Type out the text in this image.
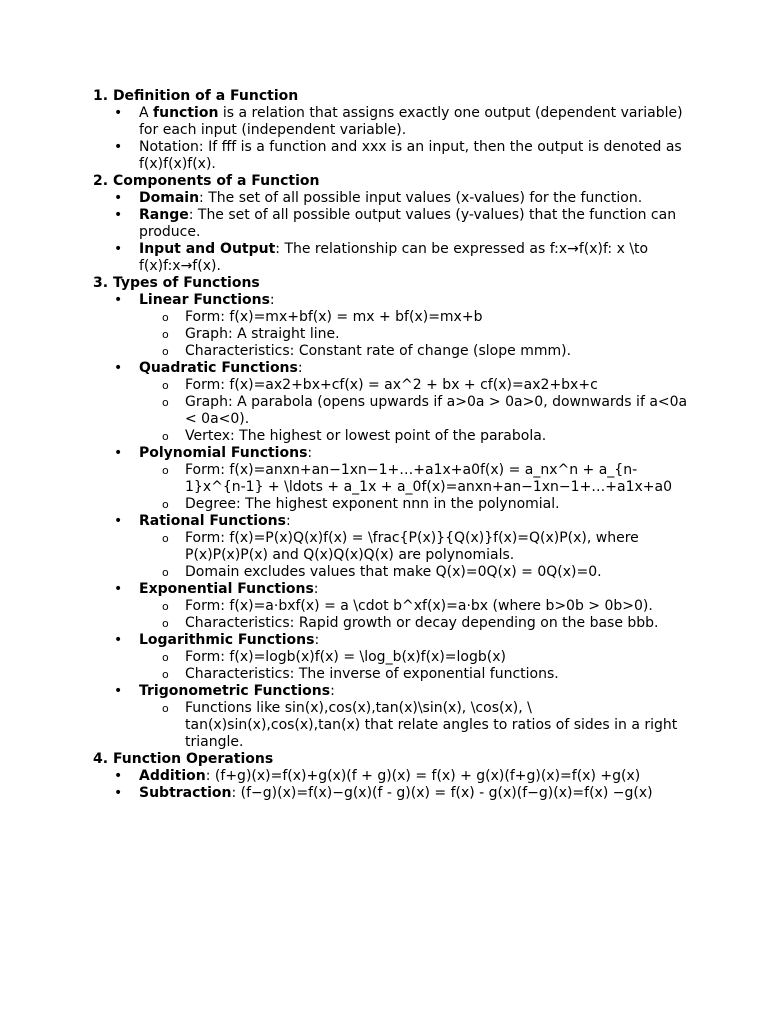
1. Definition of a Function
• A function is a relation that assigns exactly one output (dependent variable) for each input (independent variable).
• Notation: If fff is a function and xxx is an input, then the output is denoted as f(x)f(x)f(x).
2. Components of a Function
• Domain: The set of all possible input values (x-values) for the function.
• Range: The set of all possible output values (y-values) that the function can produce.
• Input and Output: The relationship can be expressed as f:x→f(x)f: x \to f(x)f:x→f(x).
3. Types of Functions
• Linear Functions:
o Form: f(x)=mx+bf(x) = mx + bf(x)=mx+b
o Graph: A straight line.
o Characteristics: Constant rate of change (slope mmm).
• Quadratic Functions:
o Form: f(x)=ax2+bx+cf(x) = ax^2 + bx + cf(x)=ax2+bx+c
o Graph: A parabola (opens upwards if a>0a > 0a>0, downwards if a<0a < 0a<0).
o Vertex: The highest or lowest point of the parabola.
• Polynomial Functions:
o Form: f(x)=anxn+an−1xn−1+…+a1x+a0f(x) = a_nx^n + a_{n-1}x^{n-1} + \ldots + a_1x + a_0f(x)=anxn+an−1xn−1+…+a1x+a0
o Degree: The highest exponent nnn in the polynomial.
• Rational Functions:
o Form: f(x)=P(x)Q(x)f(x) = \frac{P(x)}{Q(x)}f(x)=Q(x)P(x), where P(x)P(x)P(x) and Q(x)Q(x)Q(x) are polynomials.
o Domain excludes values that make Q(x)=0Q(x) = 0Q(x)=0.
• Exponential Functions:
o Form: f(x)=a⋅bxf(x) = a \cdot b^xf(x)=a⋅bx (where b>0b > 0b>0).
o Characteristics: Rapid growth or decay depending on the base bbb.
• Logarithmic Functions:
o Form: f(x)=logb(x)f(x) = \log_b(x)f(x)=logb(x)
o Characteristics: The inverse of exponential functions.
• Trigonometric Functions:
o Functions like sin(x),cos(x),tan(x)\sin(x), \cos(x), \ tan(x)sin(x),cos(x),tan(x) that relate angles to ratios of sides in a right triangle.
4. Function Operations
• Addition: (f+g)(x)=f(x)+g(x)(f + g)(x) = f(x) + g(x)(f+g)(x)=f(x) +g(x)
• Subtraction: (f−g)(x)=f(x)−g(x)(f - g)(x) = f(x) - g(x)(f−g)(x)=f(x) −g(x)
